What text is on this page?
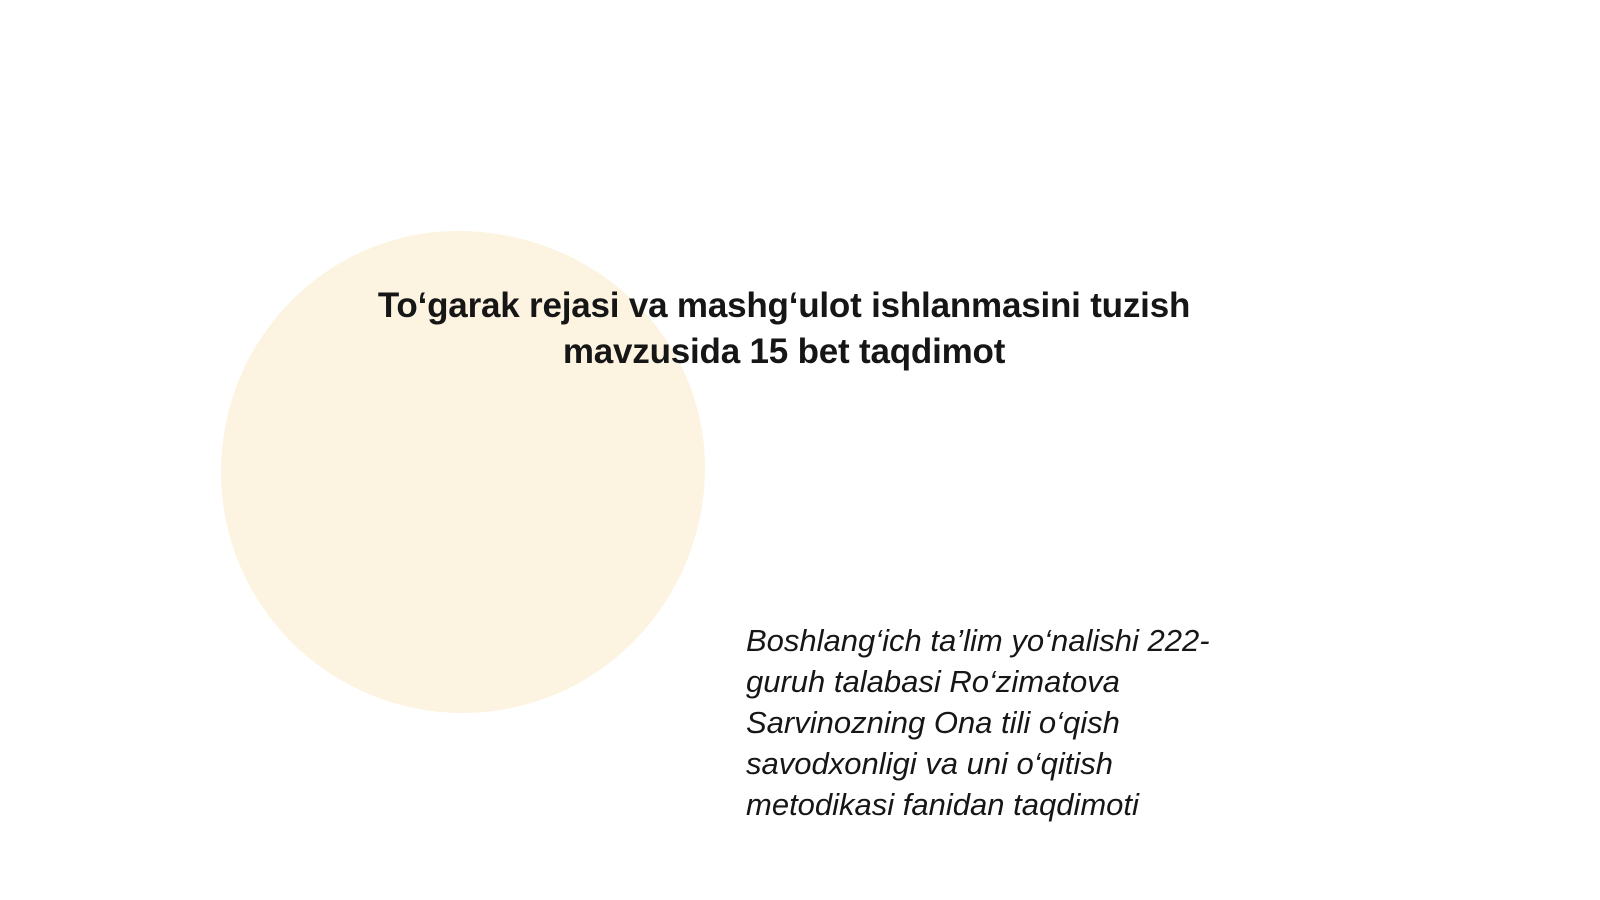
To‘garak rejasi va mashg‘ulot ishlanmasini tuzish
mavzusida 15 bet taqdimot
Boshlang‘ich ta’lim yo‘nalishi 222-
guruh talabasi Ro‘zimatova
Sarvinozning Ona tili o‘qish
savodxonligi va uni o‘qitish
metodikasi fanidan taqdimoti
